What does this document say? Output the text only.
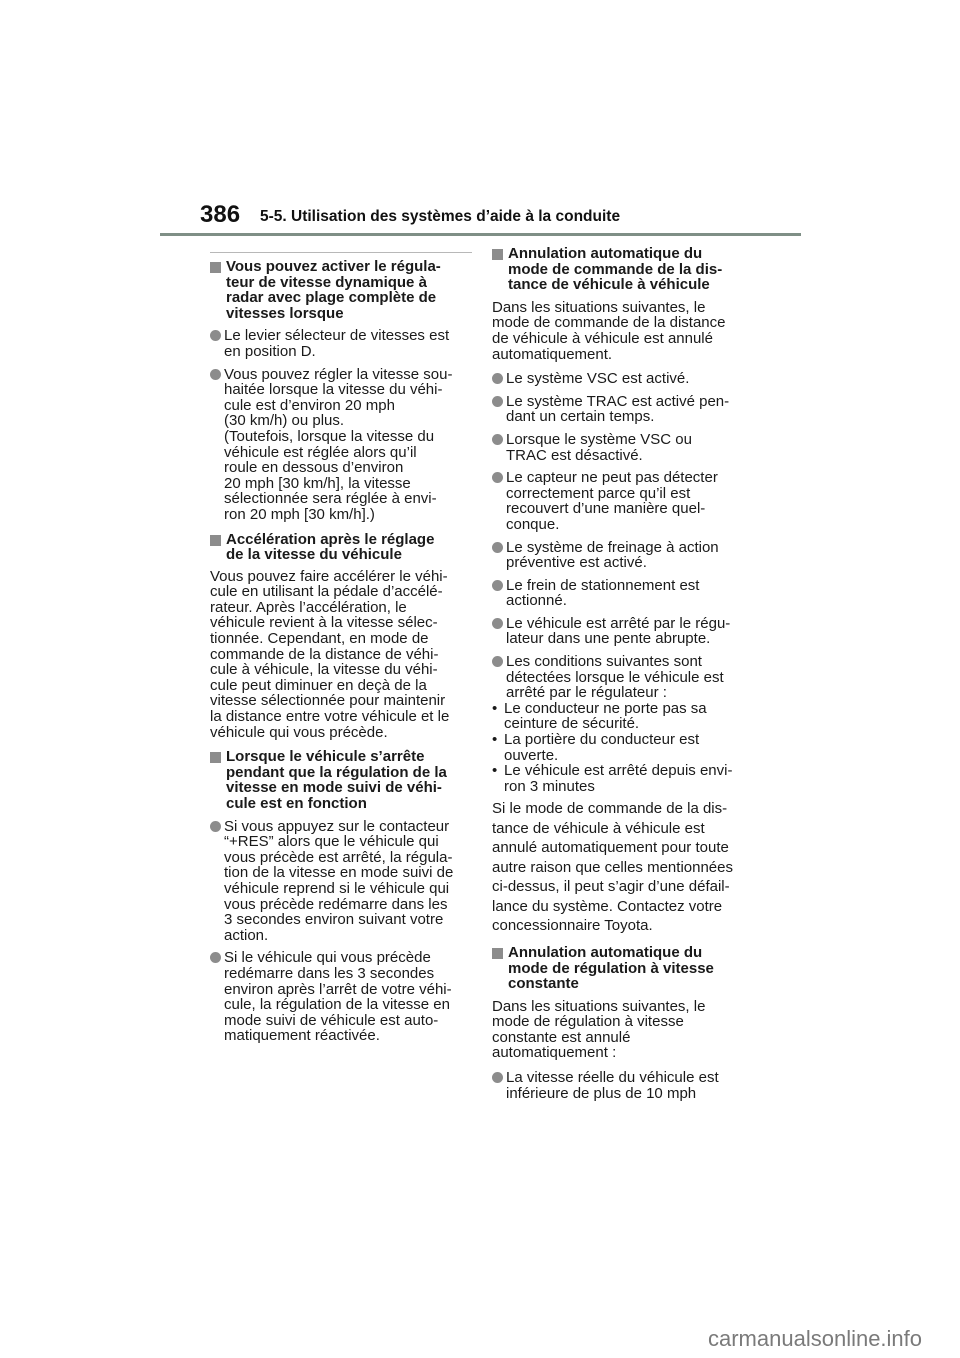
386 5-5. Utilisation des systèmes d’aide à la conduite
Vous pouvez activer le régula-
teur de vitesse dynamique à
radar avec plage complète de
vitesses lorsque
Le levier sélecteur de vitesses est
en position D.
Vous pouvez régler la vitesse sou-
haitée lorsque la vitesse du véhi-
cule est d’environ 20 mph
(30 km/h) ou plus.
(Toutefois, lorsque la vitesse du
véhicule est réglée alors qu’il
roule en dessous d’environ
20 mph [30 km/h], la vitesse
sélectionnée sera réglée à envi-
ron 20 mph [30 km/h].)
Accélération après le réglage
de la vitesse du véhicule
Vous pouvez faire accélérer le véhi-
cule en utilisant la pédale d’accélé-
rateur. Après l’accélération, le
véhicule revient à la vitesse sélec-
tionnée. Cependant, en mode de
commande de la distance de véhi-
cule à véhicule, la vitesse du véhi-
cule peut diminuer en deçà de la
vitesse sélectionnée pour maintenir
la distance entre votre véhicule et le
véhicule qui vous précède.
Lorsque le véhicule s’arrête
pendant que la régulation de la
vitesse en mode suivi de véhi-
cule est en fonction
Si vous appuyez sur le contacteur
“+RES” alors que le véhicule qui
vous précède est arrêté, la régula-
tion de la vitesse en mode suivi de
véhicule reprend si le véhicule qui
vous précède redémarre dans les
3 secondes environ suivant votre
action.
Si le véhicule qui vous précède
redémarre dans les 3 secondes
environ après l’arrêt de votre véhi-
cule, la régulation de la vitesse en
mode suivi de véhicule est auto-
matiquement réactivée.
Annulation automatique du
mode de commande de la dis-
tance de véhicule à véhicule
Dans les situations suivantes, le
mode de commande de la distance
de véhicule à véhicule est annulé
automatiquement.
Le système VSC est activé.
Le système TRAC est activé pen-
dant un certain temps.
Lorsque le système VSC ou
TRAC est désactivé.
Le capteur ne peut pas détecter
correctement parce qu’il est
recouvert d’une manière quel-
conque.
Le système de freinage à action
préventive est activé.
Le frein de stationnement est
actionné.
Le véhicule est arrêté par le régu-
lateur dans une pente abrupte.
Les conditions suivantes sont
détectées lorsque le véhicule est
arrêté par le régulateur :
• Le conducteur ne porte pas sa
ceinture de sécurité.
• La portière du conducteur est
ouverte.
• Le véhicule est arrêté depuis envi-
ron 3 minutes
Si le mode de commande de la dis-
tance de véhicule à véhicule est
annulé automatiquement pour toute
autre raison que celles mentionnées
ci-dessus, il peut s’agir d’une défail-
lance du système. Contactez votre
concessionnaire Toyota.
Annulation automatique du
mode de régulation à vitesse
constante
Dans les situations suivantes, le
mode de régulation à vitesse
constante est annulé
automatiquement :
La vitesse réelle du véhicule est
inférieure de plus de 10 mph
carmanualsonline.info
